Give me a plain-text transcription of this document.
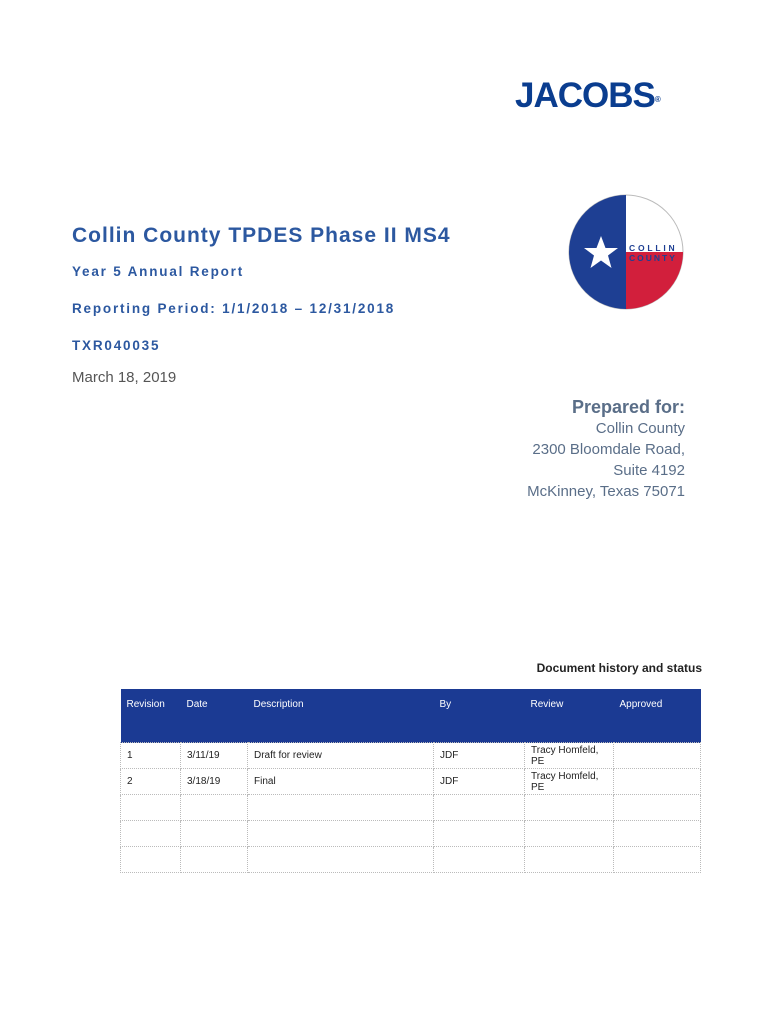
JACOBS®
COLLIN
COUNTY
Collin County TPDES Phase II MS4
Year 5 Annual Report
Reporting Period: 1/1/2018 – 12/31/2018
TXR040035
March 18, 2019
Prepared for:
Collin County
2300 Bloomdale Road,
Suite 4192
McKinney, Texas 75071
Document history and status
Revision	Date	Description	By	Review	Approved

1	3/11/19	Draft for review	JDF	Tracy Homfeld, PE	
2	3/18/19	Final	JDF	Tracy Homfeld, PE	
